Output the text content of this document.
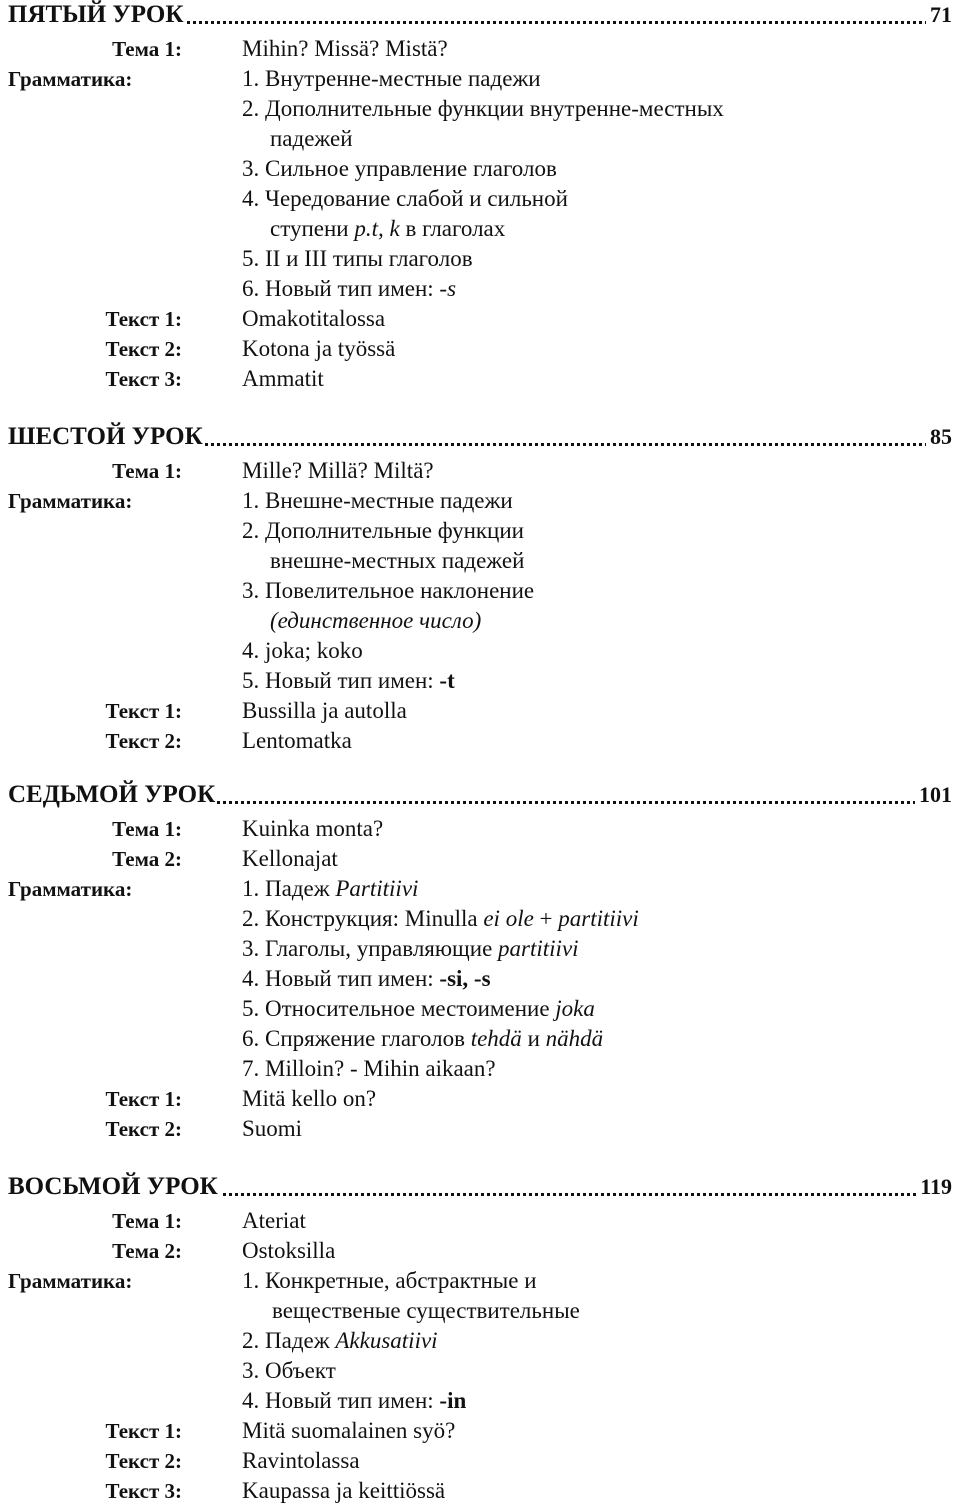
ПЯТЫЙ УРОК	71
Тема 1:	Mihin? Missä? Mistä?
Грамматика:	1. Внутренне-местные падежи
2. Дополнительные функции внутренне-местных
падежей
3. Сильное управление глаголов
4. Чередование слабой и сильной
ступени p.t, k в глаголах
5. II и III типы глаголов
6. Новый тип имен: -s
Текст 1:	Omakotitalossa
Текст 2:	Kotona ja työssä
Текст 3:	Ammatit
ШЕСТОЙ УРОК	85
Тема 1:	Mille? Millä? Miltä?
Грамматика:	1. Внешне-местные падежи
2. Дополнительные функции
внешне-местных падежей
3. Повелительное наклонение
(единственное число)
4. joka; koko
5. Новый тип имен: -t
Текст 1:	Bussilla ja autolla
Текст 2:	Lentomatka
СЕДЬМОЙ УРОК	101
Тема 1:	Kuinka monta?
Тема 2:	Kellonajat
Грамматика:	1. Падеж Partitiivi
2. Конструкция: Minulla ei ole + partitiivi
3. Глаголы, управляющие partitiivi
4. Новый тип имен: -si, -s
5. Относительное местоимение joka
6. Спряжение глаголов tehdä и nähdä
7. Milloin? - Mihin aikaan?
Текст 1:	Mitä kello on?
Текст 2:	Suomi
ВОСЬМОЙ УРОК	119
Тема 1:	Ateriat
Тема 2:	Ostoksilla
Грамматика:	1. Конкретные, абстрактные и
вещественые существительные
2. Падеж Akkusatiivi
3. Объект
4. Новый тип имен: -in
Текст 1:	Mitä suomalainen syö?
Текст 2:	Ravintolassa
Текст 3:	Kaupassa ja keittiössä
